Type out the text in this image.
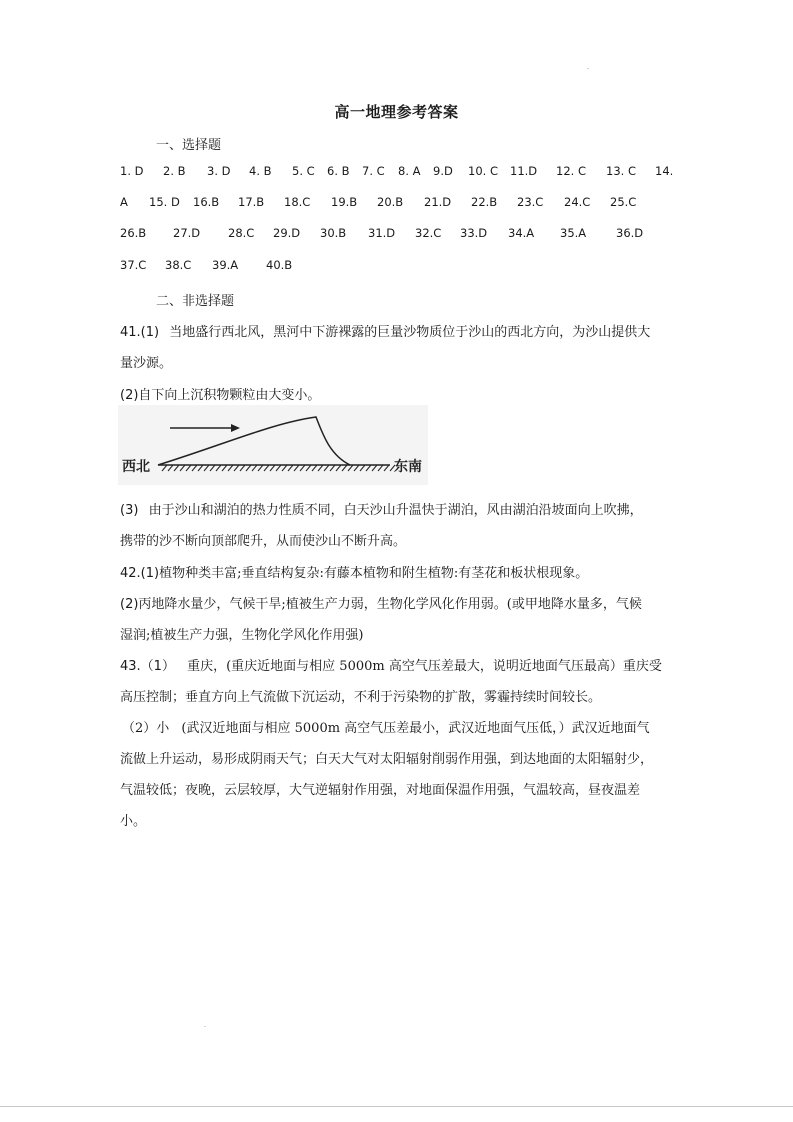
.
高一地理参考答案
一、选择题
1. D 2. B 3. D 4. B 5. C 6. B 7. C 8. A 9.D 10. C 11.D 12. C 13. C 14.
A 15. D 16.B 17.B 18.C 19.B 20.B 21.D 22.B 23.C 24.C 25.C
26.B 27.D 28.C 29.D 30.B 31.D 32.C 33.D 34.A 35.A	36.D
37.C 38.C 39.A 40.B
二、非选择题
41.(1) 当地盛行西北风，黑河中下游裸露的巨量沙物质位于沙山的西北方向，为沙山提供大
量沙源。
(2)自下向上沉积物颗粒由大变小。
西北	东南
(3) 由于沙山和湖泊的热力性质不同，白天沙山升温快于湖泊，风由湖泊沿坡面向上吹拂，
携带的沙不断向顶部爬升，从而使沙山不断升高。
42.(1)植物种类丰富;垂直结构复杂:有藤本植物和附生植物:有茎花和板状根现象。
(2)丙地降水量少，气候干旱;植被生产力弱，生物化学风化作用弱。(或甲地降水量多，气候
湿润;植被生产力强，生物化学风化作用强)
43.（1） 重庆，(重庆近地面与相应 5000m 高空气压差最大，说明近地面气压最高）重庆受
高压控制；垂直方向上气流做下沉运动，不利于污染物的扩散，雾霾持续时间较长。
（2）小 (武汉近地面与相应 5000m 高空气压差最小，武汉近地面气压低，）武汉近地面气
流做上升运动，易形成阴雨天气；白天大气对太阳辐射削弱作用强，到达地面的太阳辐射少，
气温较低；夜晚，云层较厚，大气逆辐射作用强，对地面保温作用强，气温较高，昼夜温差
小。
.
